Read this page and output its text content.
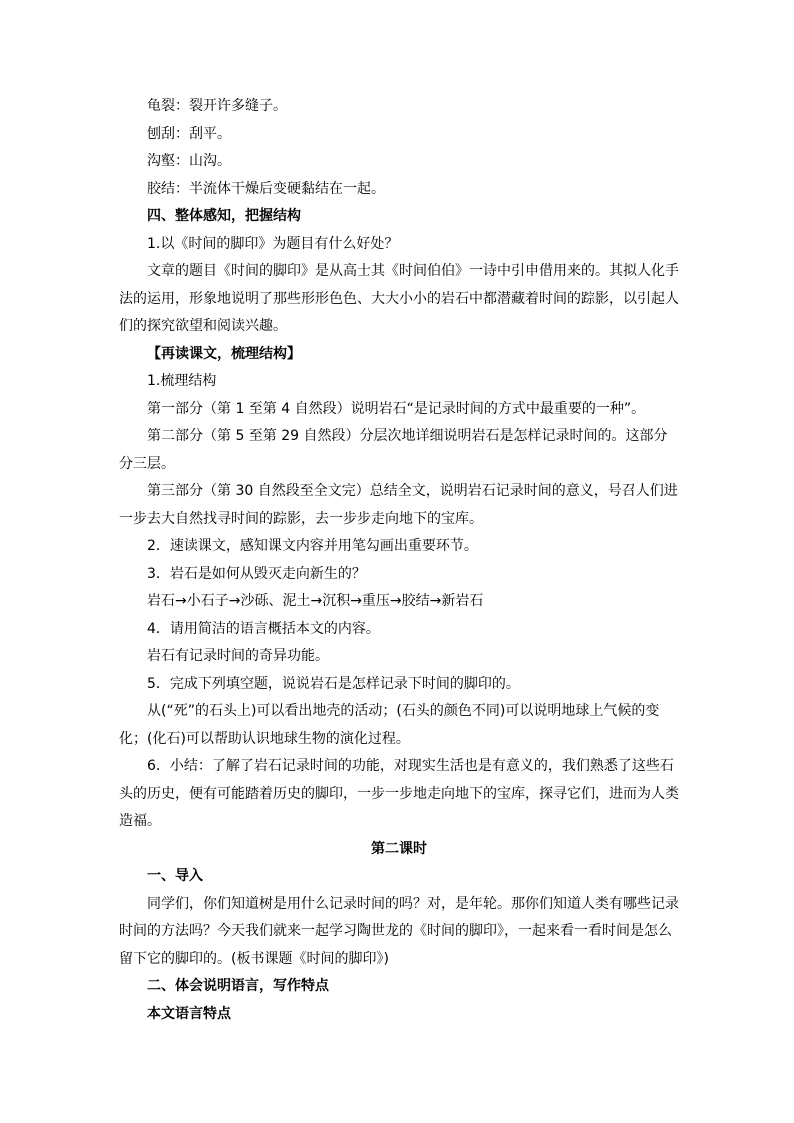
龟裂：裂开许多缝子。

刨刮：刮平。

沟壑：山沟。

胶结：半流体干燥后变硬黏结在一起。

四、整体感知，把握结构

1.以《时间的脚印》为题目有什么好处？

文章的题目《时间的脚印》是从高士其《时间伯伯》一诗中引申借用来的。其拟人化手法的运用，形象地说明了那些形形色色、大大小小的岩石中都潜藏着时间的踪影，以引起人们的探究欲望和阅读兴趣。

【再读课文，梳理结构】

1.梳理结构

第一部分（第 1 至第 4 自然段）说明岩石“是记录时间的方式中最重要的一种”。

第二部分（第 5 至第 29 自然段）分层次地详细说明岩石是怎样记录时间的。这部分分三层。

第三部分（第 30 自然段至全文完）总结全文，说明岩石记录时间的意义，号召人们进一步去大自然找寻时间的踪影，去一步步走向地下的宝库。

2．速读课文，感知课文内容并用笔勾画出重要环节。

3．岩石是如何从毁灭走向新生的？

岩石→小石子→沙砾、泥土→沉积→重压→胶结→新岩石

4．请用简洁的语言概括本文的内容。

岩石有记录时间的奇异功能。

5．完成下列填空题，说说岩石是怎样记录下时间的脚印的。

从(“死”的石头上)可以看出地壳的活动；(石头的颜色不同)可以说明地球上气候的变化；(化石)可以帮助认识地球生物的演化过程。

6．小结：了解了岩石记录时间的功能，对现实生活也是有意义的，我们熟悉了这些石头的历史，便有可能踏着历史的脚印，一步一步地走向地下的宝库，探寻它们，进而为人类造福。

第二课时

一、导入

同学们，你们知道树是用什么记录时间的吗？对，是年轮。那你们知道人类有哪些记录时间的方法吗？今天我们就来一起学习陶世龙的《时间的脚印》，一起来看一看时间是怎么留下它的脚印的。(板书课题《时间的脚印》)

二、体会说明语言，写作特点

本文语言特点
